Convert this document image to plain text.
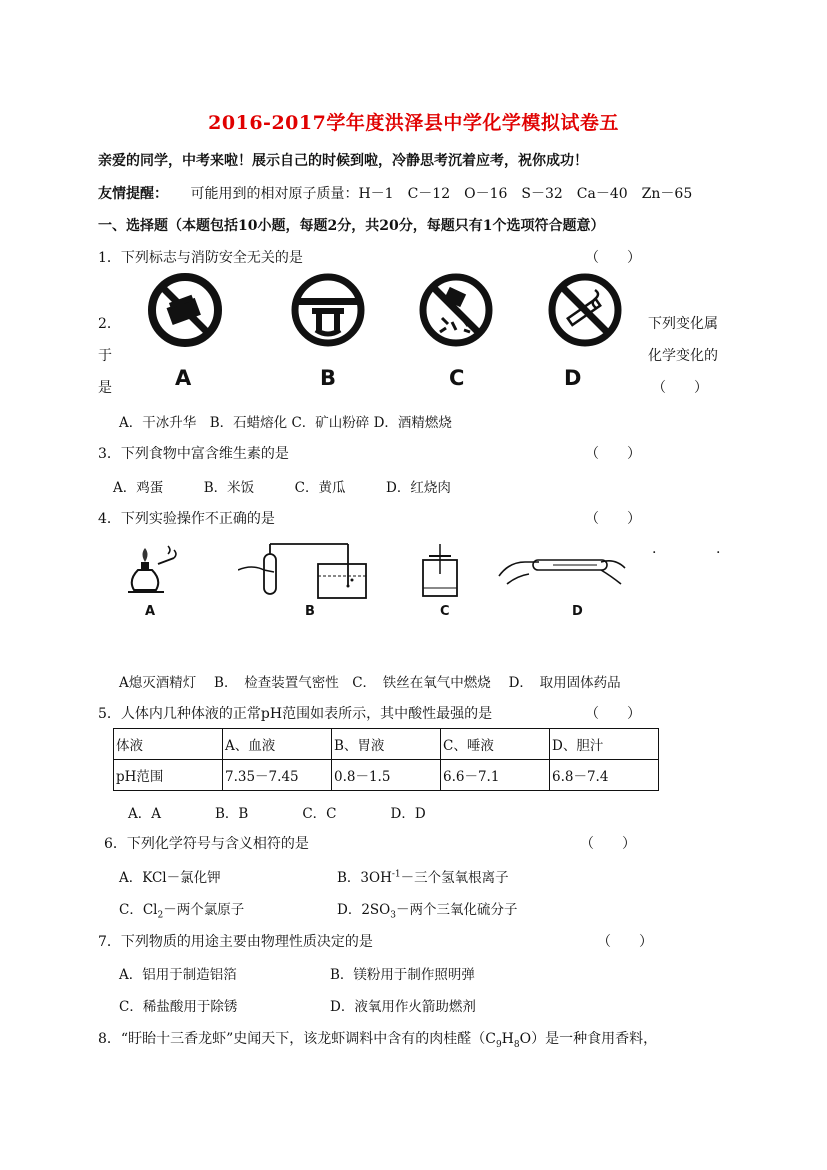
2016-2017学年度洪泽县中学化学模拟试卷五
亲爱的同学，中考来啦！展示自己的时候到啦，冷静思考沉着应考，祝你成功！
友情提醒： 可能用到的相对原子质量：H－1　C－12　O－16　S－32　Ca－40　Zn－65
一、选择题（本题包括10小题，每题2分，共20分，每题只有1个选项符合题意）
1．下列标志与消防安全无关的是	（　　）
A	B	C	D
2．
于
是
下列变化属
化学变化的
（　　）
A．干冰升华　B．石蜡熔化 C．矿山粉碎 D．酒精燃烧
3．下列食物中富含维生素的是	（　　）
A．鸡蛋　　　B．米饭　　　C．黄瓜　　　D．红烧肉
4．下列实验操作不正确的是	（　　）
.	.
A	B	C	D
A熄灭酒精灯　 B．　检查装置气密性　C．　铁丝在氧气中燃烧　 D．　取用固体药品
5．人体内几种体液的正常pH范围如表所示，其中酸性最强的是	（　　）
体液	A、血液	B、胃液	C、唾液	D、胆汁
pH范围	7.35－7.45	0.8－1.5	6.6－7.1	6.8－7.4
A．A　　　　B．B　　　　C．C　　　　D．D
6．下列化学符号与含义相符的是	（　　）
A．KCl－氯化钾	B．$3OH^{-1}-$三个氢氧根离子
C．$Cl_2-$两个氯原子	D．$2SO_3-$两个三氧化硫分子
7．下列物质的用途主要由物理性质决定的是	（　　）
A．铝用于制造铝箔	B．镁粉用于制作照明弹
C．稀盐酸用于除锈	D．液氧用作火箭助燃剂
8．“盱眙十三香龙虾”史闻天下，该龙虾调料中含有的肉桂醛$(C_9H_8O)$是一种食用香料，
